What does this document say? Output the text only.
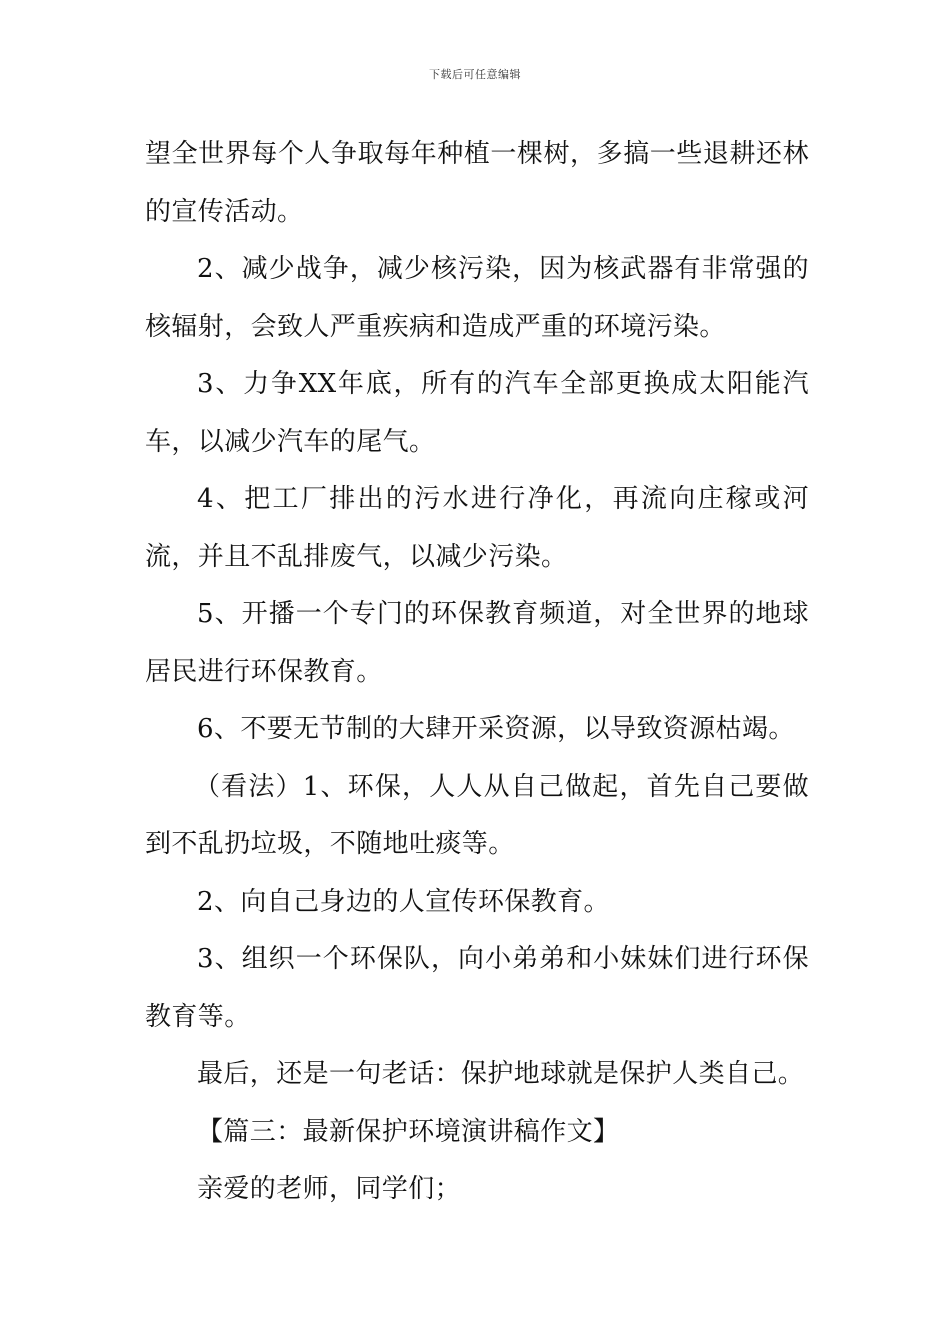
下载后可任意编辑

望全世界每个人争取每年种植一棵树，多搞一些退耕还林的宣传活动。

2、减少战争，减少核污染，因为核武器有非常强的核辐射，会致人严重疾病和造成严重的环境污染。

3、力争XX年底，所有的汽车全部更换成太阳能汽车，以减少汽车的尾气。

4、把工厂排出的污水进行净化，再流向庄稼或河流，并且不乱排废气，以减少污染。

5、开播一个专门的环保教育频道，对全世界的地球居民进行环保教育。

6、不要无节制的大肆开采资源，以导致资源枯竭。

（看法）1、环保，人人从自己做起，首先自己要做到不乱扔垃圾，不随地吐痰等。

2、向自己身边的人宣传环保教育。

3、组织一个环保队，向小弟弟和小妹妹们进行环保教育等。

最后，还是一句老话：保护地球就是保护人类自己。

【篇三：最新保护环境演讲稿作文】

亲爱的老师，同学们；
